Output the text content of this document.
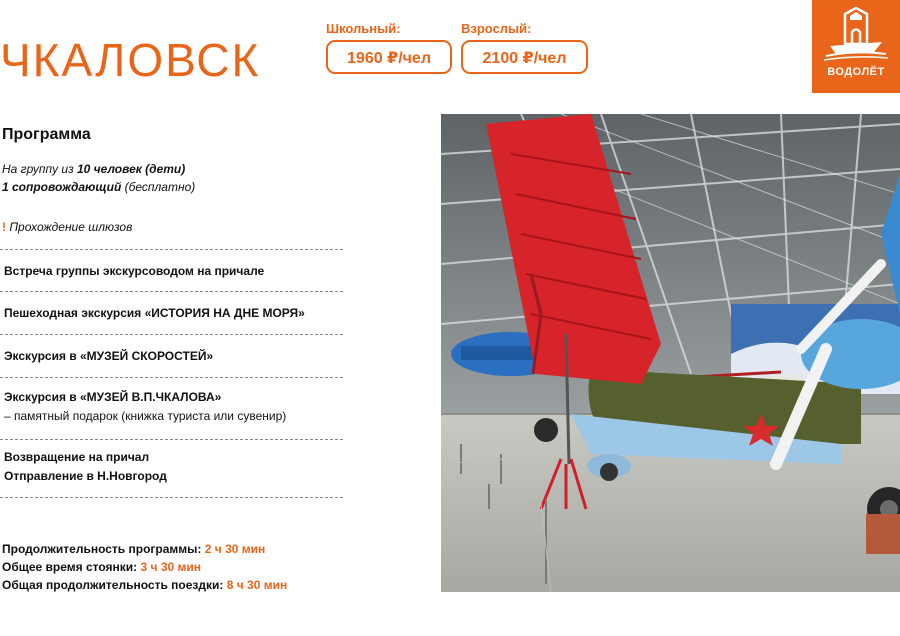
ЧКАЛОВСК
Школьный:
1960 ₽/чел
Взрослый:
2100 ₽/чел
ВОДОЛЁТ
Программа
На группу из 10 человек (дети)
1 сопровождающий (бесплатно)
! Прохождение шлюзов
Встреча группы экскурсоводом на причале
Пешеходная экскурсия «ИСТОРИЯ НА ДНЕ МОРЯ»
Экскурсия в «МУЗЕЙ СКОРОСТЕЙ»
Экскурсия в «МУЗЕЙ В.П.ЧКАЛОВА»
– памятный подарок (книжка туриста или сувенир)
Возвращение на причал
Отправление в Н.Новгород
Продолжительность программы: 2 ч 30 мин
Общее время стоянки: 3 ч 30 мин
Общая продолжительность поездки: 8 ч 30 мин
